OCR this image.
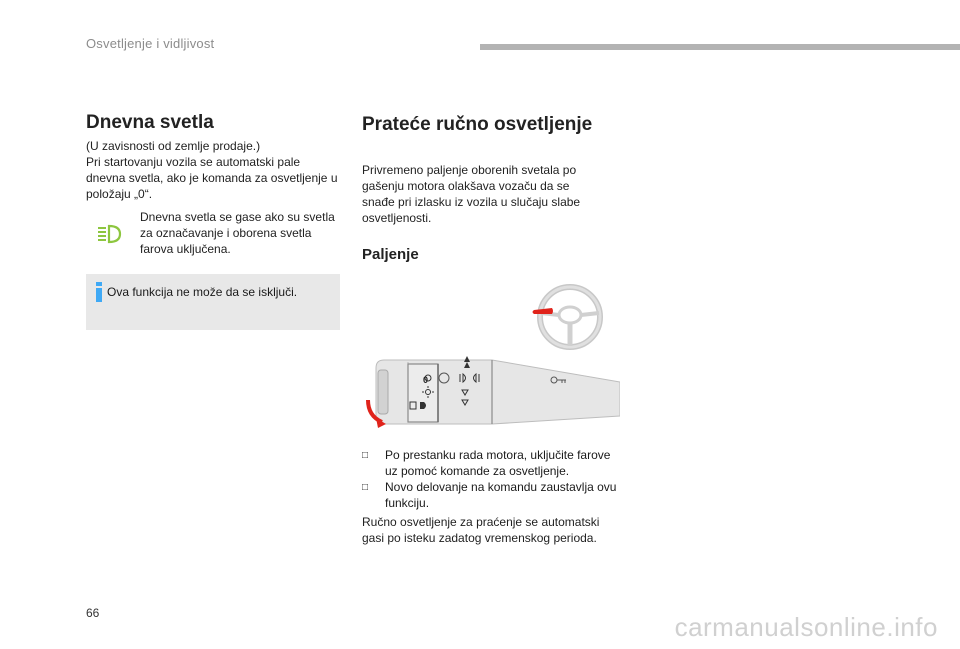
Osvetljenje i vidljivost
Dnevna svetla
(U zavisnosti od zemlje prodaje.)
Pri startovanju vozila se automatski pale
dnevna svetla, ako je komanda za osvetljenje u
položaju „0“.
Dnevna svetla se gase ako su svetla
za označavanje i oborena svetla
farova uključena.
Ova funkcija ne može da se isključi.
Prateće ručno osvetljenje
Privremeno paljenje oborenih svetala po
gašenju motora olakšava vozaču da se
snađe pri izlasku iz vozila u slučaju slabe
osvetljenosti.
Paljenje
0
□ Po prestanku rada motora, uključite farove
uz pomoć komande za osvetljenje.
□ Novo delovanje na komandu zaustavlja ovu
funkciju.
Ručno osvetljenje za praćenje se automatski
gasi po isteku zadatog vremenskog perioda.
66	carmanualsonline.info
